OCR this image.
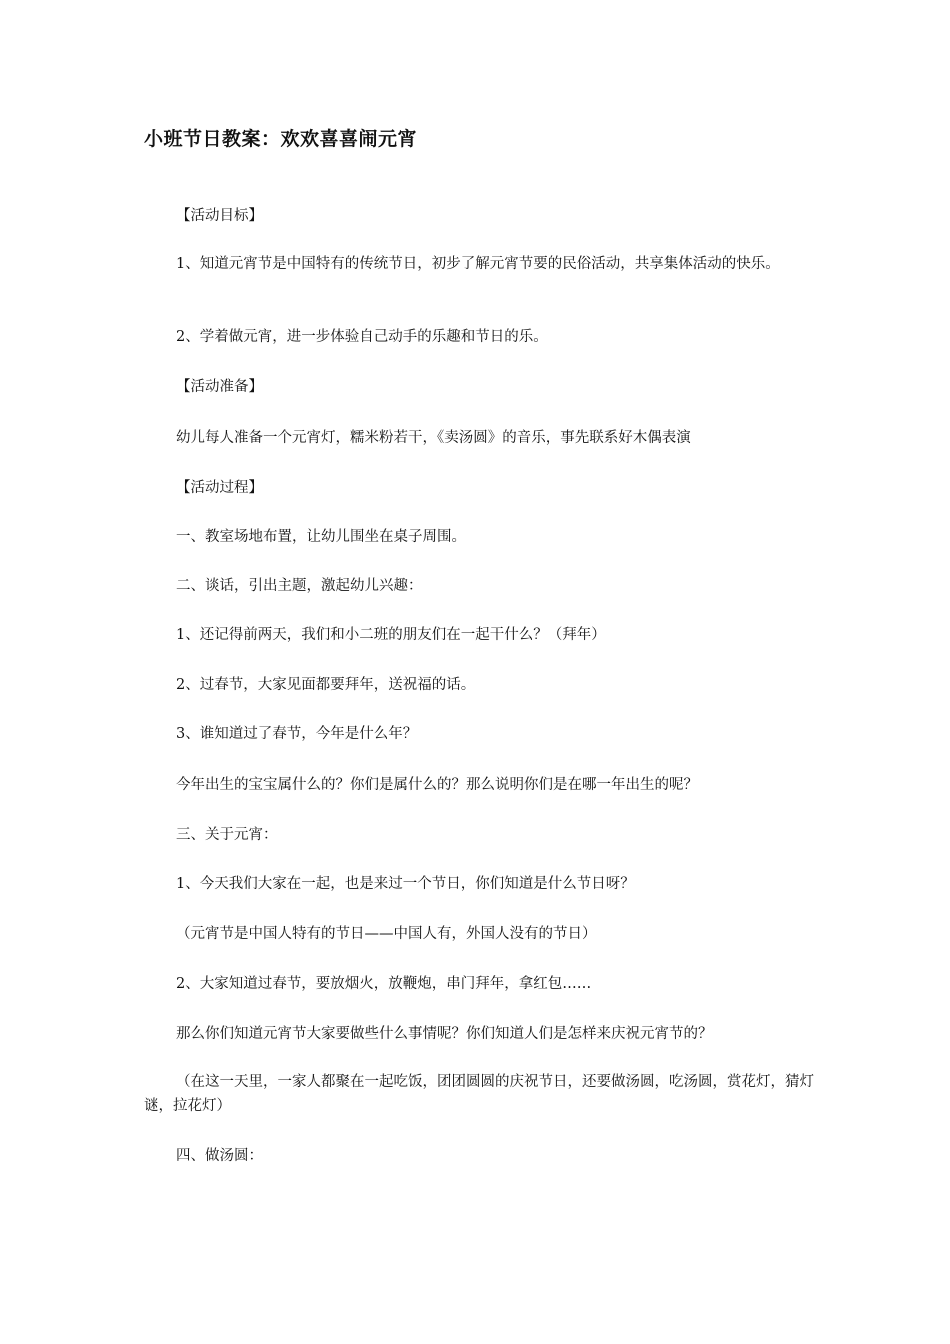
小班节日教案：欢欢喜喜闹元宵

【活动目标】

1、知道元宵节是中国特有的传统节日，初步了解元宵节要的民俗活动，共享集体活动的快乐。

2、学着做元宵，进一步体验自己动手的乐趣和节日的乐。

【活动准备】

幼儿每人准备一个元宵灯，糯米粉若干，《卖汤圆》的音乐，事先联系好木偶表演

【活动过程】

一、教室场地布置，让幼儿围坐在桌子周围。

二、谈话，引出主题，激起幼儿兴趣：

1、还记得前两天，我们和小二班的朋友们在一起干什么？（拜年）

2、过春节，大家见面都要拜年，送祝福的话。

3、谁知道过了春节，今年是什么年？

今年出生的宝宝属什么的？你们是属什么的？那么说明你们是在哪一年出生的呢？

三、关于元宵：

1、今天我们大家在一起，也是来过一个节日，你们知道是什么节日呀？

（元宵节是中国人特有的节日——中国人有，外国人没有的节日）

2、大家知道过春节，要放烟火，放鞭炮，串门拜年，拿红包……

那么你们知道元宵节大家要做些什么事情呢？你们知道人们是怎样来庆祝元宵节的？

（在这一天里，一家人都聚在一起吃饭，团团圆圆的庆祝节日，还要做汤圆，吃汤圆，赏花灯，猜灯谜，拉花灯）

四、做汤圆：
